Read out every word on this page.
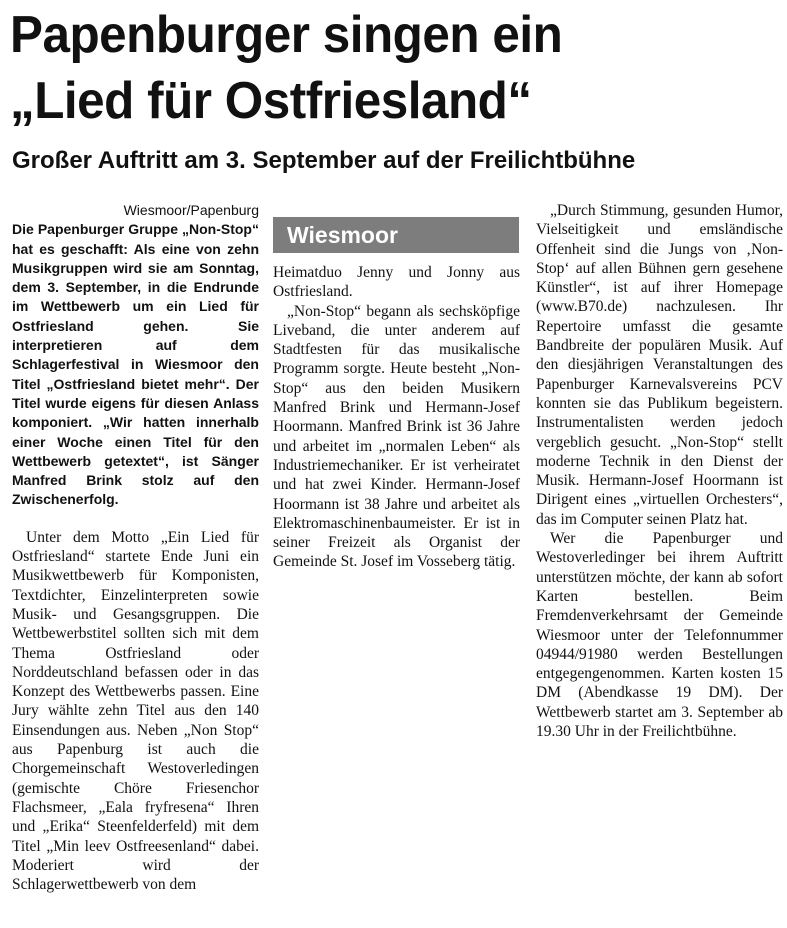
Papenburger singen ein
„Lied für Ostfriesland“
Großer Auftritt am 3. September auf der Freilichtbühne
Wiesmoor/Papenburg

Die Papenburger Gruppe „Non-Stop“ hat es geschafft: Als eine von zehn Musikgruppen wird sie am Sonntag, dem 3. September, in die Endrunde im Wettbewerb um ein Lied für Ostfriesland gehen. Sie interpretieren auf dem Schlagerfestival in Wiesmoor den Titel „Ostfriesland bietet mehr“. Der Titel wurde eigens für diesen Anlass komponiert. „Wir hatten innerhalb einer Woche einen Titel für den Wettbewerb getextet“, ist Sänger Manfred Brink stolz auf den Zwischenerfolg.

Unter dem Motto „Ein Lied für Ostfriesland“ startete Ende Juni ein Musikwettbewerb für Komponisten, Textdichter, Einzelinterpreten sowie Musik- und Gesangsgruppen. Die Wettbewerbstitel sollten sich mit dem Thema Ostfriesland oder Norddeutschland befassen oder in das Konzept des Wettbewerbs passen. Eine Jury wählte zehn Titel aus den 140 Einsendungen aus. Neben „Non Stop“ aus Papenburg ist auch die Chorgemeinschaft Westoverledingen (gemischte Chöre Friesenchor Flachsmeer, „Eala fryfresena“ Ihren und „Erika“ Steenfelderfeld) mit dem Titel „Min leev Ostfreesenland“ dabei. Moderiert wird der Schlagerwettbewerb von dem

Wiesmoor

Heimatduo Jenny und Jonny aus Ostfriesland.

„Non-Stop“ begann als sechsköpfige Liveband, die unter anderem auf Stadtfesten für das musikalische Programm sorgte. Heute besteht „Non-Stop“ aus den beiden Musikern Manfred Brink und Hermann-Josef Hoormann. Manfred Brink ist 36 Jahre und arbeitet im „normalen Leben“ als Industriemechaniker. Er ist verheiratet und hat zwei Kinder. Hermann-Josef Hoormann ist 38 Jahre und arbeitet als Elektromaschinenbaumeister. Er ist in seiner Freizeit als Organist der Gemeinde St. Josef im Vosseberg tätig.

„Durch Stimmung, gesunden Humor, Vielseitigkeit und emsländische Offenheit sind die Jungs von ‚Non-Stop‘ auf allen Bühnen gern gesehene Künstler“, ist auf ihrer Homepage (www.B70.de) nachzulesen. Ihr Repertoire umfasst die gesamte Bandbreite der populären Musik. Auf den diesjährigen Veranstaltungen des Papenburger Karnevalsvereins PCV konnten sie das Publikum begeistern. Instrumentalisten werden jedoch vergeblich gesucht. „Non-Stop“ stellt moderne Technik in den Dienst der Musik. Hermann-Josef Hoormann ist Dirigent eines „virtuellen Orchesters“, das im Computer seinen Platz hat.

Wer die Papenburger und Westoverledinger bei ihrem Auftritt unterstützen möchte, der kann ab sofort Karten bestellen. Beim Fremdenverkehrsamt der Gemeinde Wiesmoor unter der Telefonnummer 04944/91980 werden Bestellungen entgegengenommen. Karten kosten 15 DM (Abendkasse 19 DM). Der Wettbewerb startet am 3. September ab 19.30 Uhr in der Freilichtbühne.
